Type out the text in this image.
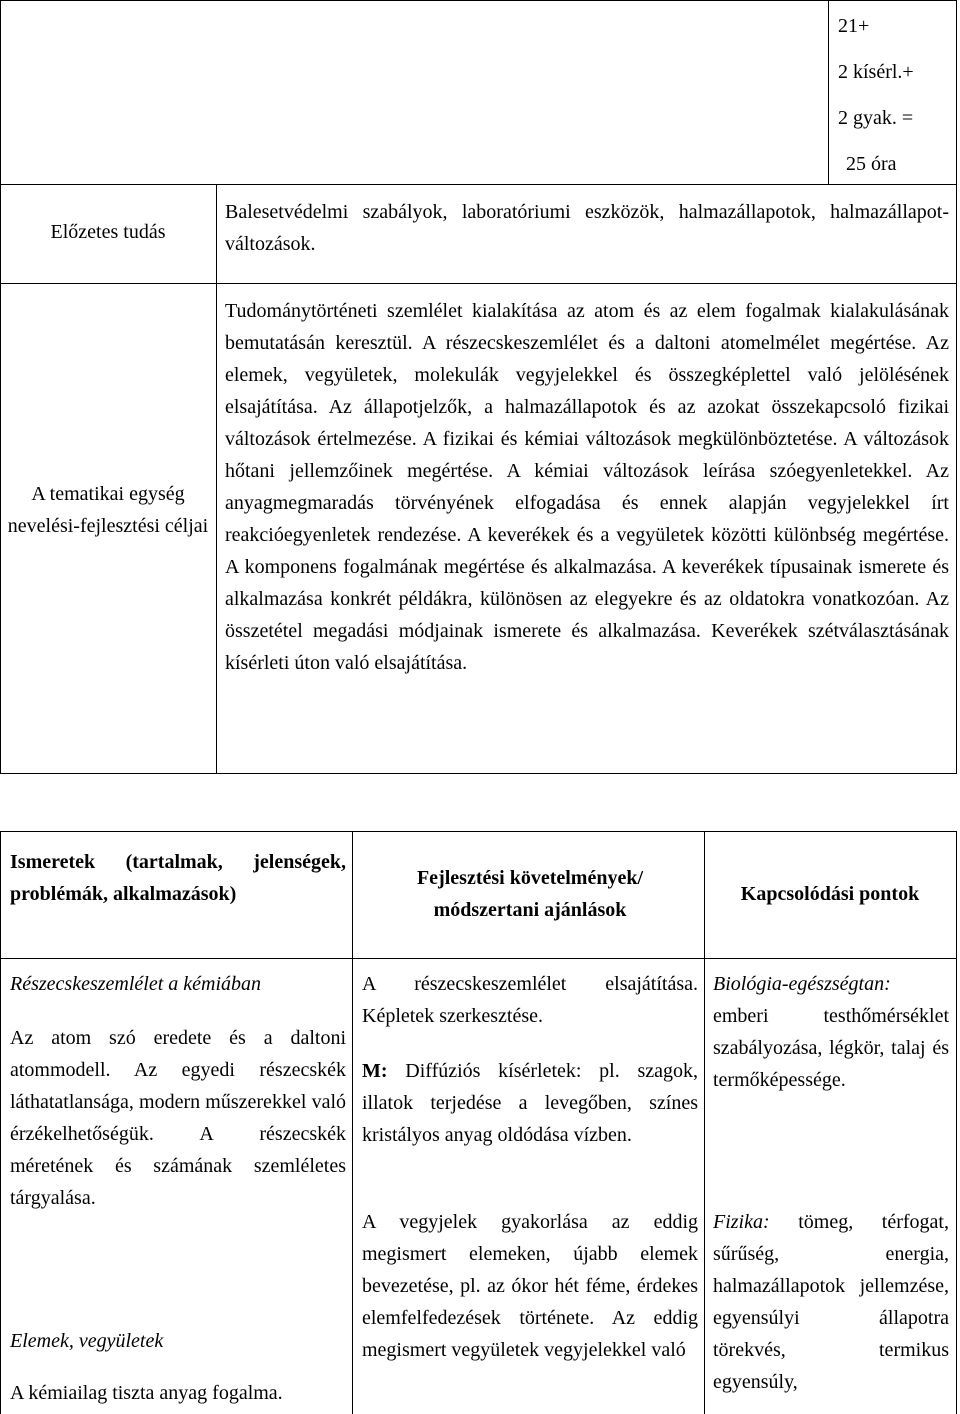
21+
2 kísérl.+
2 gyak. =
25 óra
Előzetes tudás
Balesetvédelmi szabályok, laboratóriumi eszközök, halmazállapotok, halmazállapot-változások.
A tematikai egység nevelési-fejlesztési céljai
Tudománytörténeti szemlélet kialakítása az atom és az elem fogalmak kialakulásának bemutatásán keresztül. A részecskeszemlélet és a daltoni atomelmélet megértése. Az elemek, vegyületek, molekulák vegyjelekkel és összegképlettel való jelölésének elsajátítása. Az állapotjelzők, a halmazállapotok és az azokat összekapcsoló fizikai változások értelmezése. A fizikai és kémiai változások megkülönböztetése. A változások hőtani jellemzőinek megértése. A kémiai változások leírása szóegyenletekkel. Az anyagmegmaradás törvényének elfogadása és ennek alapján vegyjelekkel írt reakcióegyenletek rendezése. A keverékek és a vegyületek közötti különbség megértése. A komponens fogalmának megértése és alkalmazása. A keverékek típusainak ismerete és alkalmazása konkrét példákra, különösen az elegyekre és az oldatokra vonatkozóan. Az összetétel megadási módjainak ismerete és alkalmazása. Keverékek szétválasztásának kísérleti úton való elsajátítása.
Ismeretek (tartalmak, jelenségek, problémák, alkalmazások)
Fejlesztési követelmények/ módszertani ajánlások
Kapcsolódási pontok
Részecskeszemlélet a kémiában
Az atom szó eredete és a daltoni atommodell. Az egyedi részecskék láthatatlansága, modern műszerekkel való érzékelhetőségük. A részecskék méretének és számának szemléletes tárgyalása.
Elemek, vegyületek
A kémiailag tiszta anyag fogalma.
A részecskeszemlélet elsajátítása. Képletek szerkesztése.
M: Diffúziós kísérletek: pl. szagok, illatok terjedése a levegőben, színes kristályos anyag oldódása vízben.
A vegyjelek gyakorlása az eddig megismert elemeken, újabb elemek bevezetése, pl. az ókor hét féme, érdekes elemfelfedezések története. Az eddig megismert vegyületek vegyjelekkel való
Biológia-egészségtan: emberi testhőmérséklet szabályozása, légkör, talaj és termőképessége.
Fizika: tömeg, térfogat, sűrűség, energia, halmazállapotok jellemzése, egyensúlyi állapotra törekvés, termikus egyensúly,
